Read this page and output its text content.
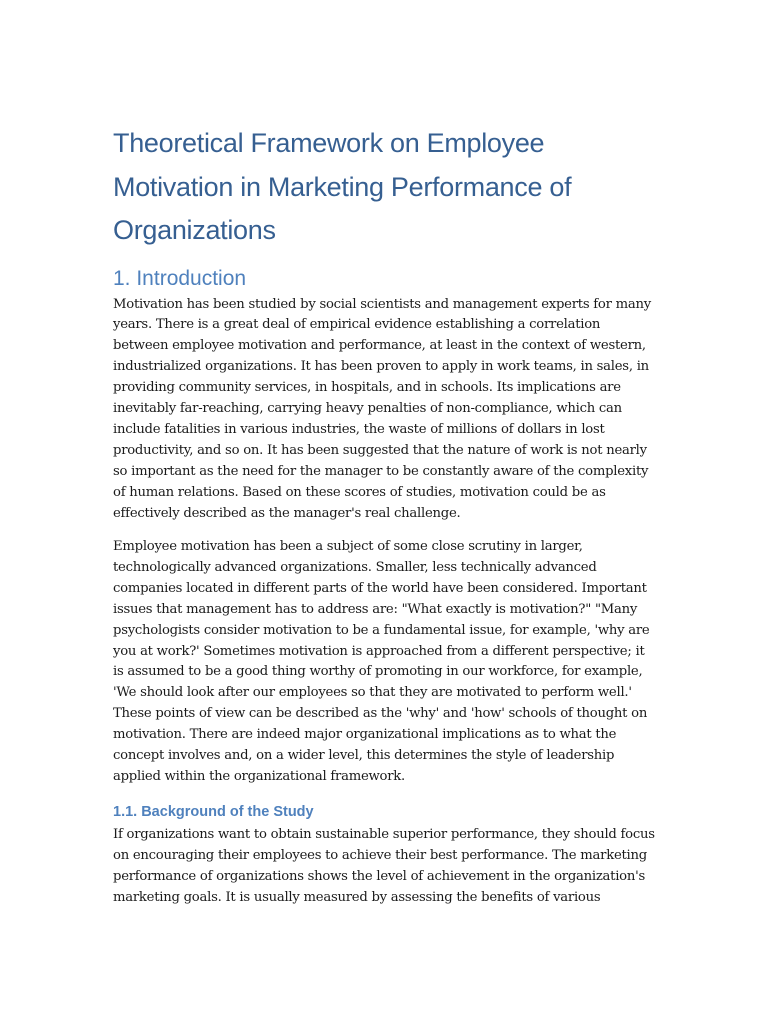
Theoretical Framework on Employee Motivation in Marketing Performance of Organizations
1. Introduction

Motivation has been studied by social scientists and management experts for many years. There is a great deal of empirical evidence establishing a correlation between employee motivation and performance, at least in the context of western, industrialized organizations. It has been proven to apply in work teams, in sales, in providing community services, in hospitals, and in schools. Its implications are inevitably far-reaching, carrying heavy penalties of non-compliance, which can include fatalities in various industries, the waste of millions of dollars in lost productivity, and so on. It has been suggested that the nature of work is not nearly so important as the need for the manager to be constantly aware of the complexity of human relations. Based on these scores of studies, motivation could be as effectively described as the manager's real challenge.

Employee motivation has been a subject of some close scrutiny in larger, technologically advanced organizations. Smaller, less technically advanced companies located in different parts of the world have been considered. Important issues that management has to address are: "What exactly is motivation?" "Many psychologists consider motivation to be a fundamental issue, for example, 'why are you at work?' Sometimes motivation is approached from a different perspective; it is assumed to be a good thing worthy of promoting in our workforce, for example, 'We should look after our employees so that they are motivated to perform well.' These points of view can be described as the 'why' and 'how' schools of thought on motivation. There are indeed major organizational implications as to what the concept involves and, on a wider level, this determines the style of leadership applied within the organizational framework.

1.1. Background of the Study

If organizations want to obtain sustainable superior performance, they should focus on encouraging their employees to achieve their best performance. The marketing performance of organizations shows the level of achievement in the organization's marketing goals. It is usually measured by assessing the benefits of various
